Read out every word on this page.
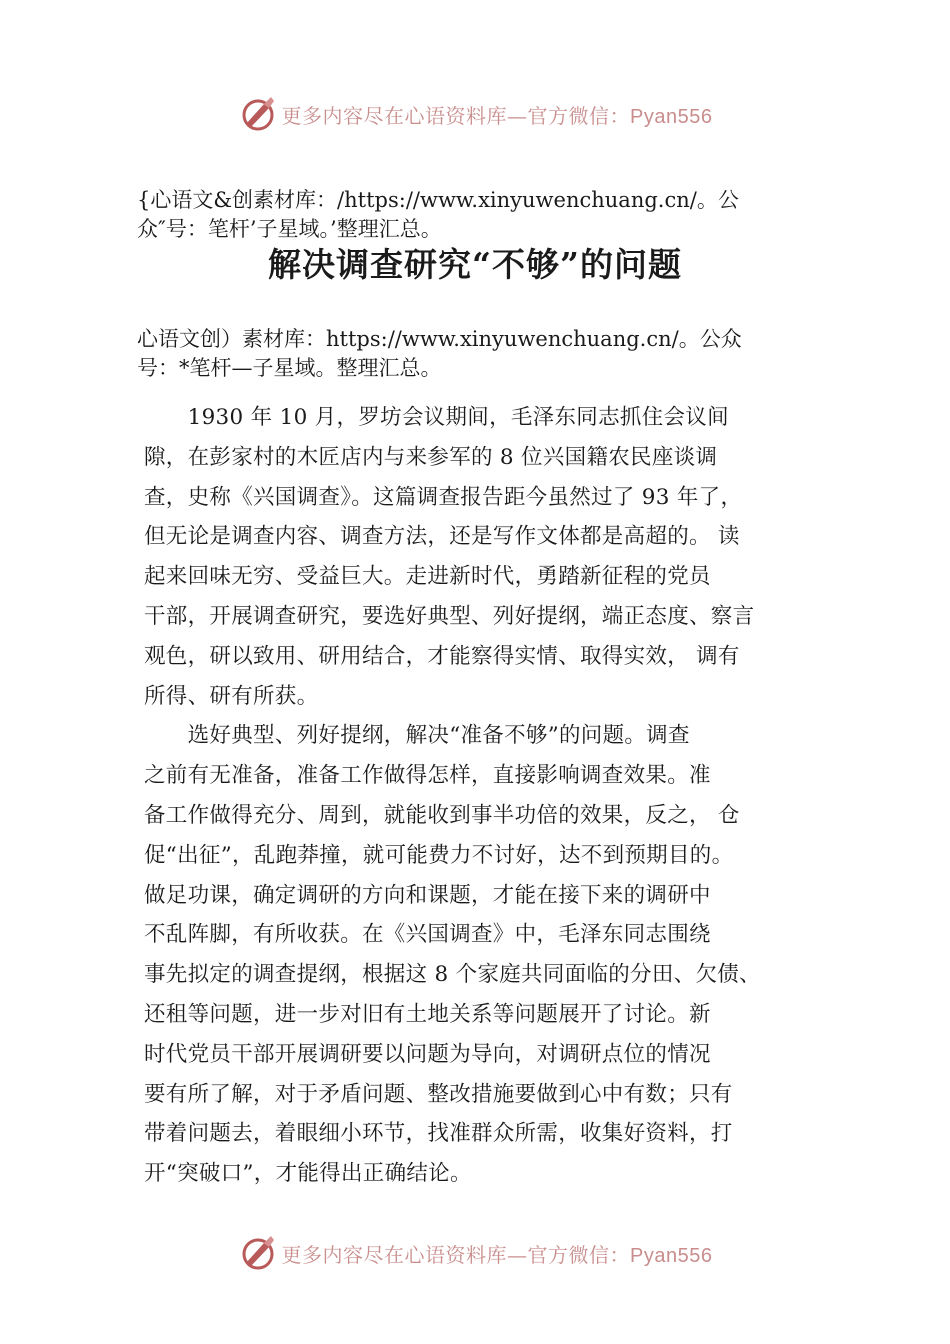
更多内容尽在心语资料库—官方微信：Pyan556
{心语文&创素材库：/https://www.xinyuwenchuang.cn/。公
众″号：笔杆’子星域。’整理汇总。
解决调查研究“不够”的问题
心语文创）素材库：https://www.xinyuwenchuang.cn/。公众
号：*笔杆—子星域。整理汇总。
　　1930 年 10 月，罗坊会议期间，毛泽东同志抓住会议间
隙，在彭家村的木匠店内与来参军的 8 位兴国籍农民座谈调
查，史称《兴国调查》。这篇调查报告距今虽然过了 93 年了，
但无论是调查内容、调查方法，还是写作文体都是高超的。 读
起来回味无穷、受益巨大。走进新时代，勇踏新征程的党员
干部，开展调查研究，要选好典型、列好提纲，端正态度、察言
观色，研以致用、研用结合，才能察得实情、取得实效， 调有
所得、研有所获。
　　选好典型、列好提纲，解决“准备不够”的问题。调查
之前有无准备，准备工作做得怎样，直接影响调查效果。准
备工作做得充分、周到，就能收到事半功倍的效果，反之， 仓
促“出征”，乱跑莽撞，就可能费力不讨好，达不到预期目的。
做足功课，确定调研的方向和课题，才能在接下来的调研中
不乱阵脚，有所收获。在《兴国调查》中，毛泽东同志围绕
事先拟定的调查提纲，根据这 8 个家庭共同面临的分田、欠债、
还租等问题，进一步对旧有土地关系等问题展开了讨论。新
时代党员干部开展调研要以问题为导向，对调研点位的情况
要有所了解，对于矛盾问题、整改措施要做到心中有数；只有
带着问题去，着眼细小环节，找准群众所需，收集好资料，打
开“突破口”，才能得出正确结论。
更多内容尽在心语资料库—官方微信：Pyan556
